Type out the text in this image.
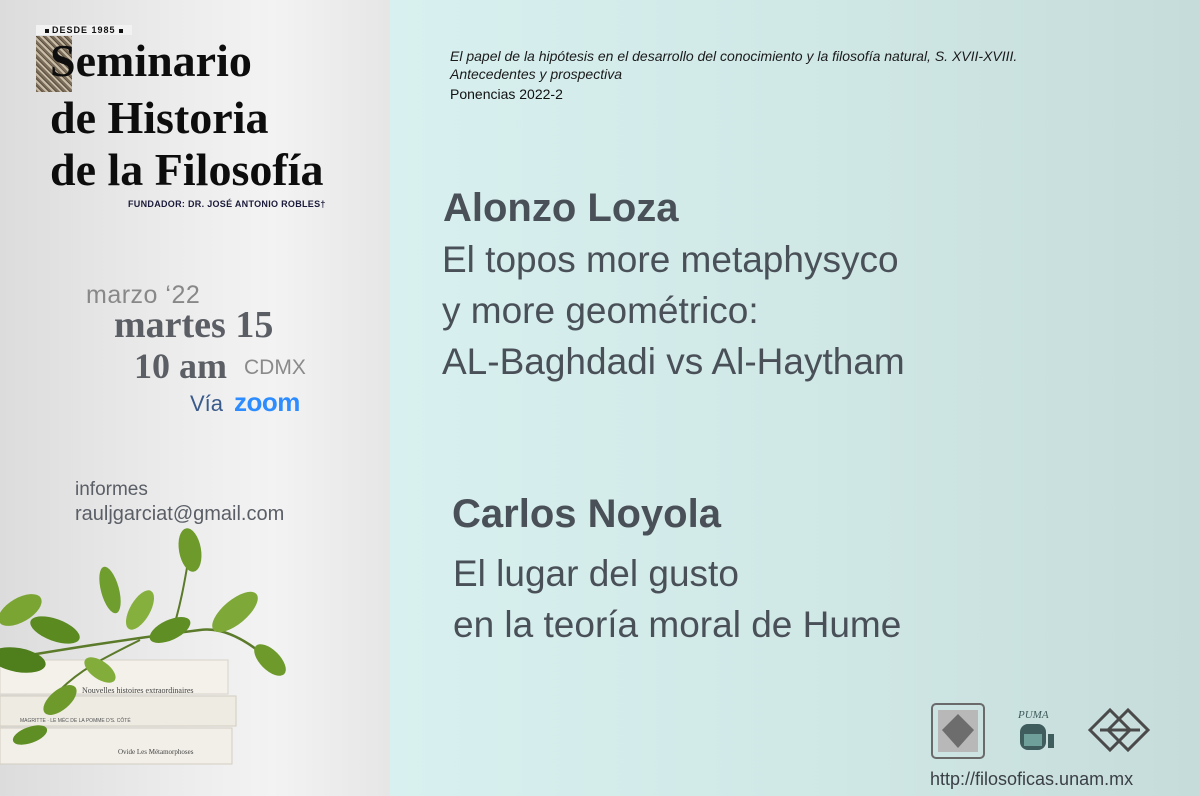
DESDE 1985
Seminario
de Historia
de la Filosofía
FUNDADOR: DR. JOSÉ ANTONIO ROBLES†
marzo ‘22
martes 15
10 am CDMX
Vía zoom
informes
rauljgarciat@gmail.com
Nouvelles histoires extraordinaires
MAGRITTE · LE MÉC DE LA POMME D'S. CÔTÉ
Ovide Les Métamorphoses
El papel de la hipótesis en el desarrollo del conocimiento y la filosofía natural, S. XVII-XVIII.
Antecedentes y prospectiva
Ponencias 2022-2
Alonzo Loza
El topos more metaphysyco
y more geométrico:
AL-Baghdadi vs Al-Haytham
Carlos Noyola
El lugar del gusto
en la teoría moral de Hume
PUMA
http://filosoficas.unam.mx
